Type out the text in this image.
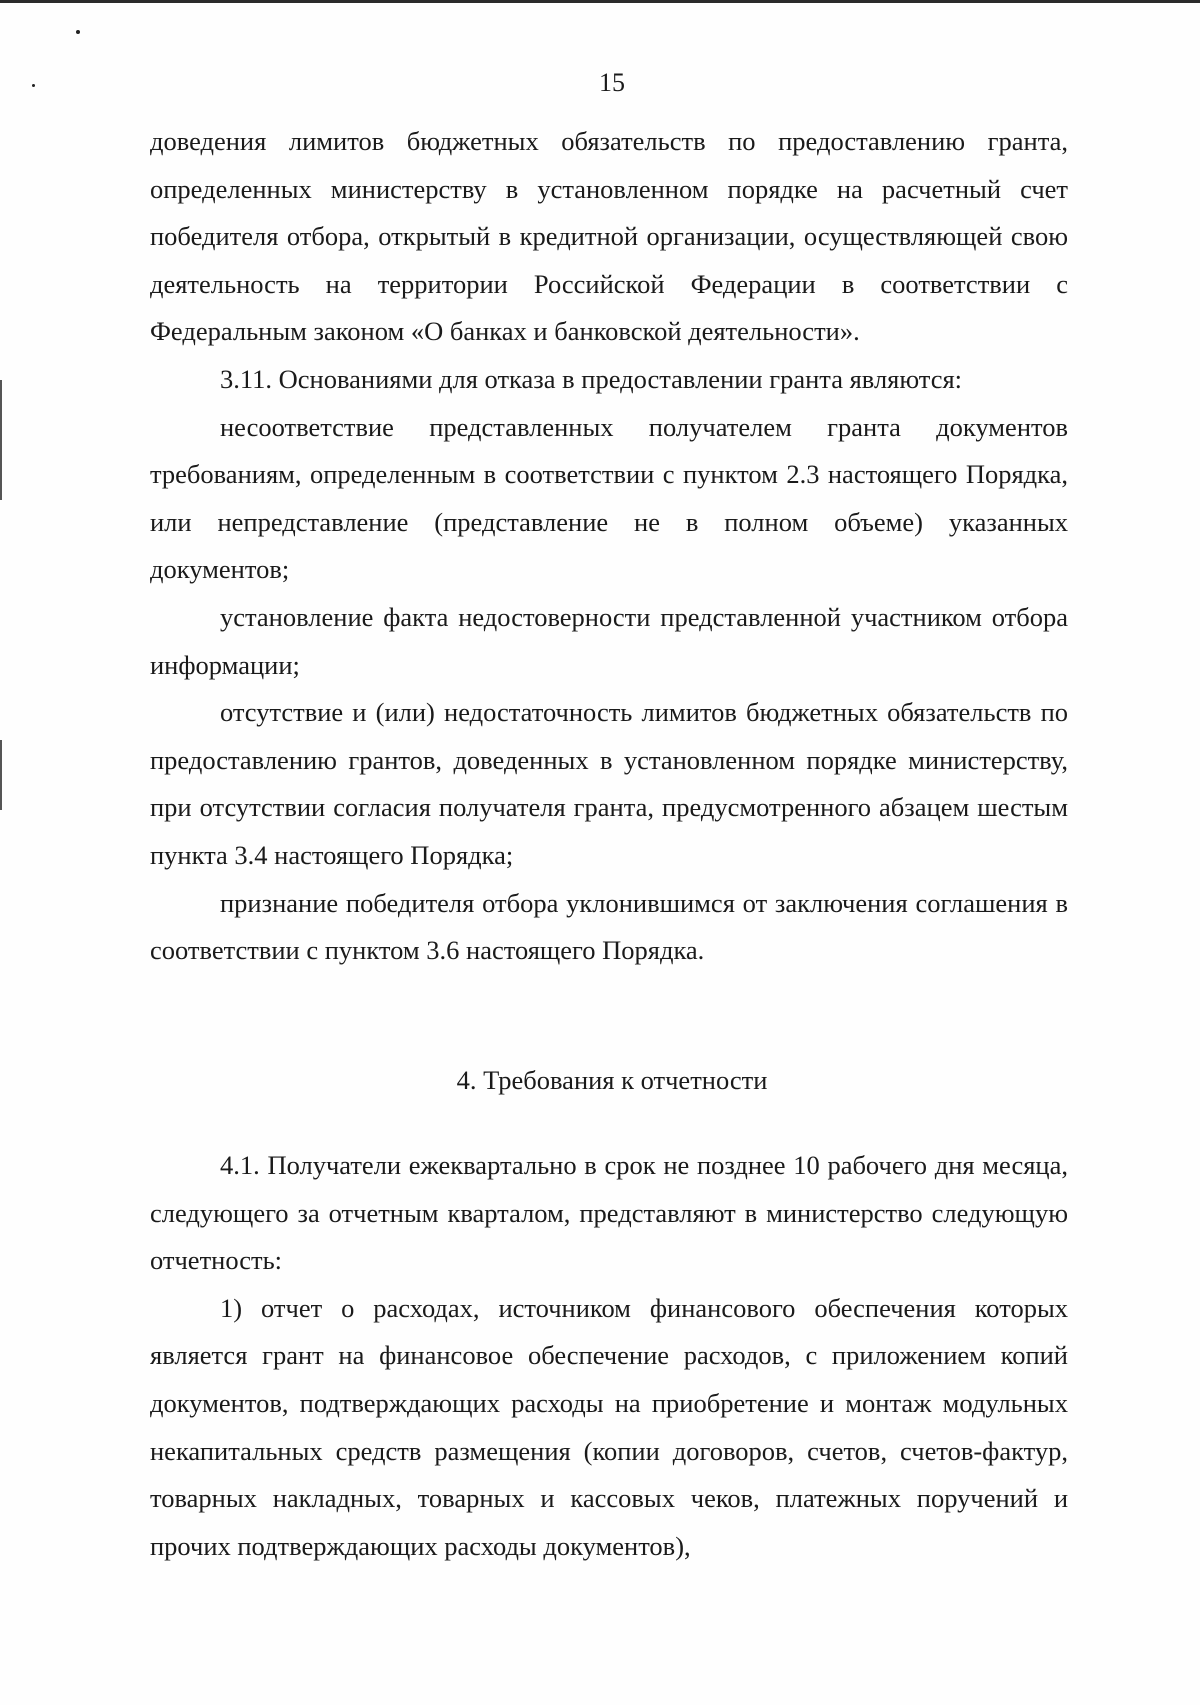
15

доведения лимитов бюджетных обязательств по предоставлению гранта, определенных министерству в установленном порядке на расчетный счет победителя отбора, открытый в кредитной организации, осуществляющей свою деятельность на территории Российской Федерации в соответствии с Федеральным законом «О банках и банковской деятельности».

3.11. Основаниями для отказа в предоставлении гранта являются:

несоответствие представленных получателем гранта документов требованиям, определенным в соответствии с пунктом 2.3 настоящего Порядка, или непредставление (представление не в полном объеме) указанных документов;

установление факта недостоверности представленной участником отбора информации;

отсутствие и (или) недостаточность лимитов бюджетных обязательств по предоставлению грантов, доведенных в установленном порядке министерству, при отсутствии согласия получателя гранта, предусмотренного абзацем шестым пункта 3.4 настоящего Порядка;

признание победителя отбора уклонившимся от заключения соглашения в соответствии с пунктом 3.6 настоящего Порядка.

4. Требования к отчетности

4.1. Получатели ежеквартально в срок не позднее 10 рабочего дня месяца, следующего за отчетным кварталом, представляют в министерство следующую отчетность:

1) отчет о расходах, источником финансового обеспечения которых является грант на финансовое обеспечение расходов, с приложением копий документов, подтверждающих расходы на приобретение и монтаж модульных некапитальных средств размещения (копии договоров, счетов, счетов-фактур, товарных накладных, товарных и кассовых чеков, платежных поручений и прочих подтверждающих расходы документов),
